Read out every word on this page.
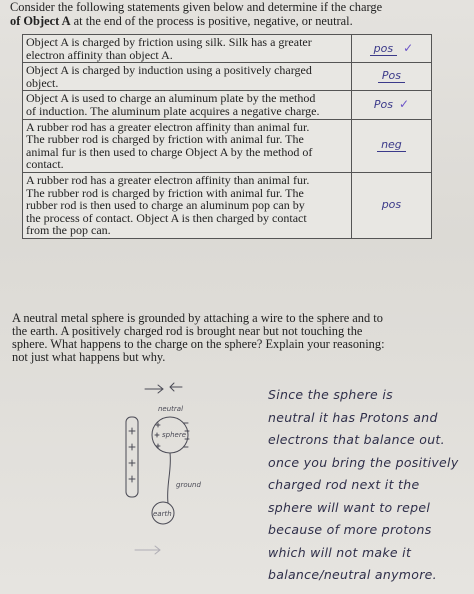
Consider the following statements given below and determine if the charge
of Object A at the end of the process is positive, negative, or neutral.
Object A is charged by friction using silk. Silk has a greater
electron affinity than object A.	pos ✓

Object A is charged by induction using a positively charged
object.	Pos

Object A is used to charge an aluminum plate by the method
of induction. The aluminum plate acquires a negative charge.	Pos ✓

A rubber rod has a greater electron affinity than animal fur.
The rubber rod is charged by friction with animal fur. The
animal fur is then used to charge Object A by the method of
contact.	neg

A rubber rod has a greater electron affinity than animal fur.
The rubber rod is charged by friction with animal fur. The
rubber rod is then used to charge an aluminum pop can by
the process of contact. Object A is then charged by contact
from the pop can.	pos
A neutral metal sphere is grounded by attaching a wire to the sphere and to
the earth. A positively charged rod is brought near but not touching the
sphere. What happens to the charge on the sphere? Explain your reasoning:
not just what happens but why.
neutral
sphere
ground
earth
Since the sphere is
neutral it has Protons and
electrons that balance out.
once you bring the positively
charged rod next it the
sphere will want to repel
because of more protons
which will not make it
balance/neutral anymore.
